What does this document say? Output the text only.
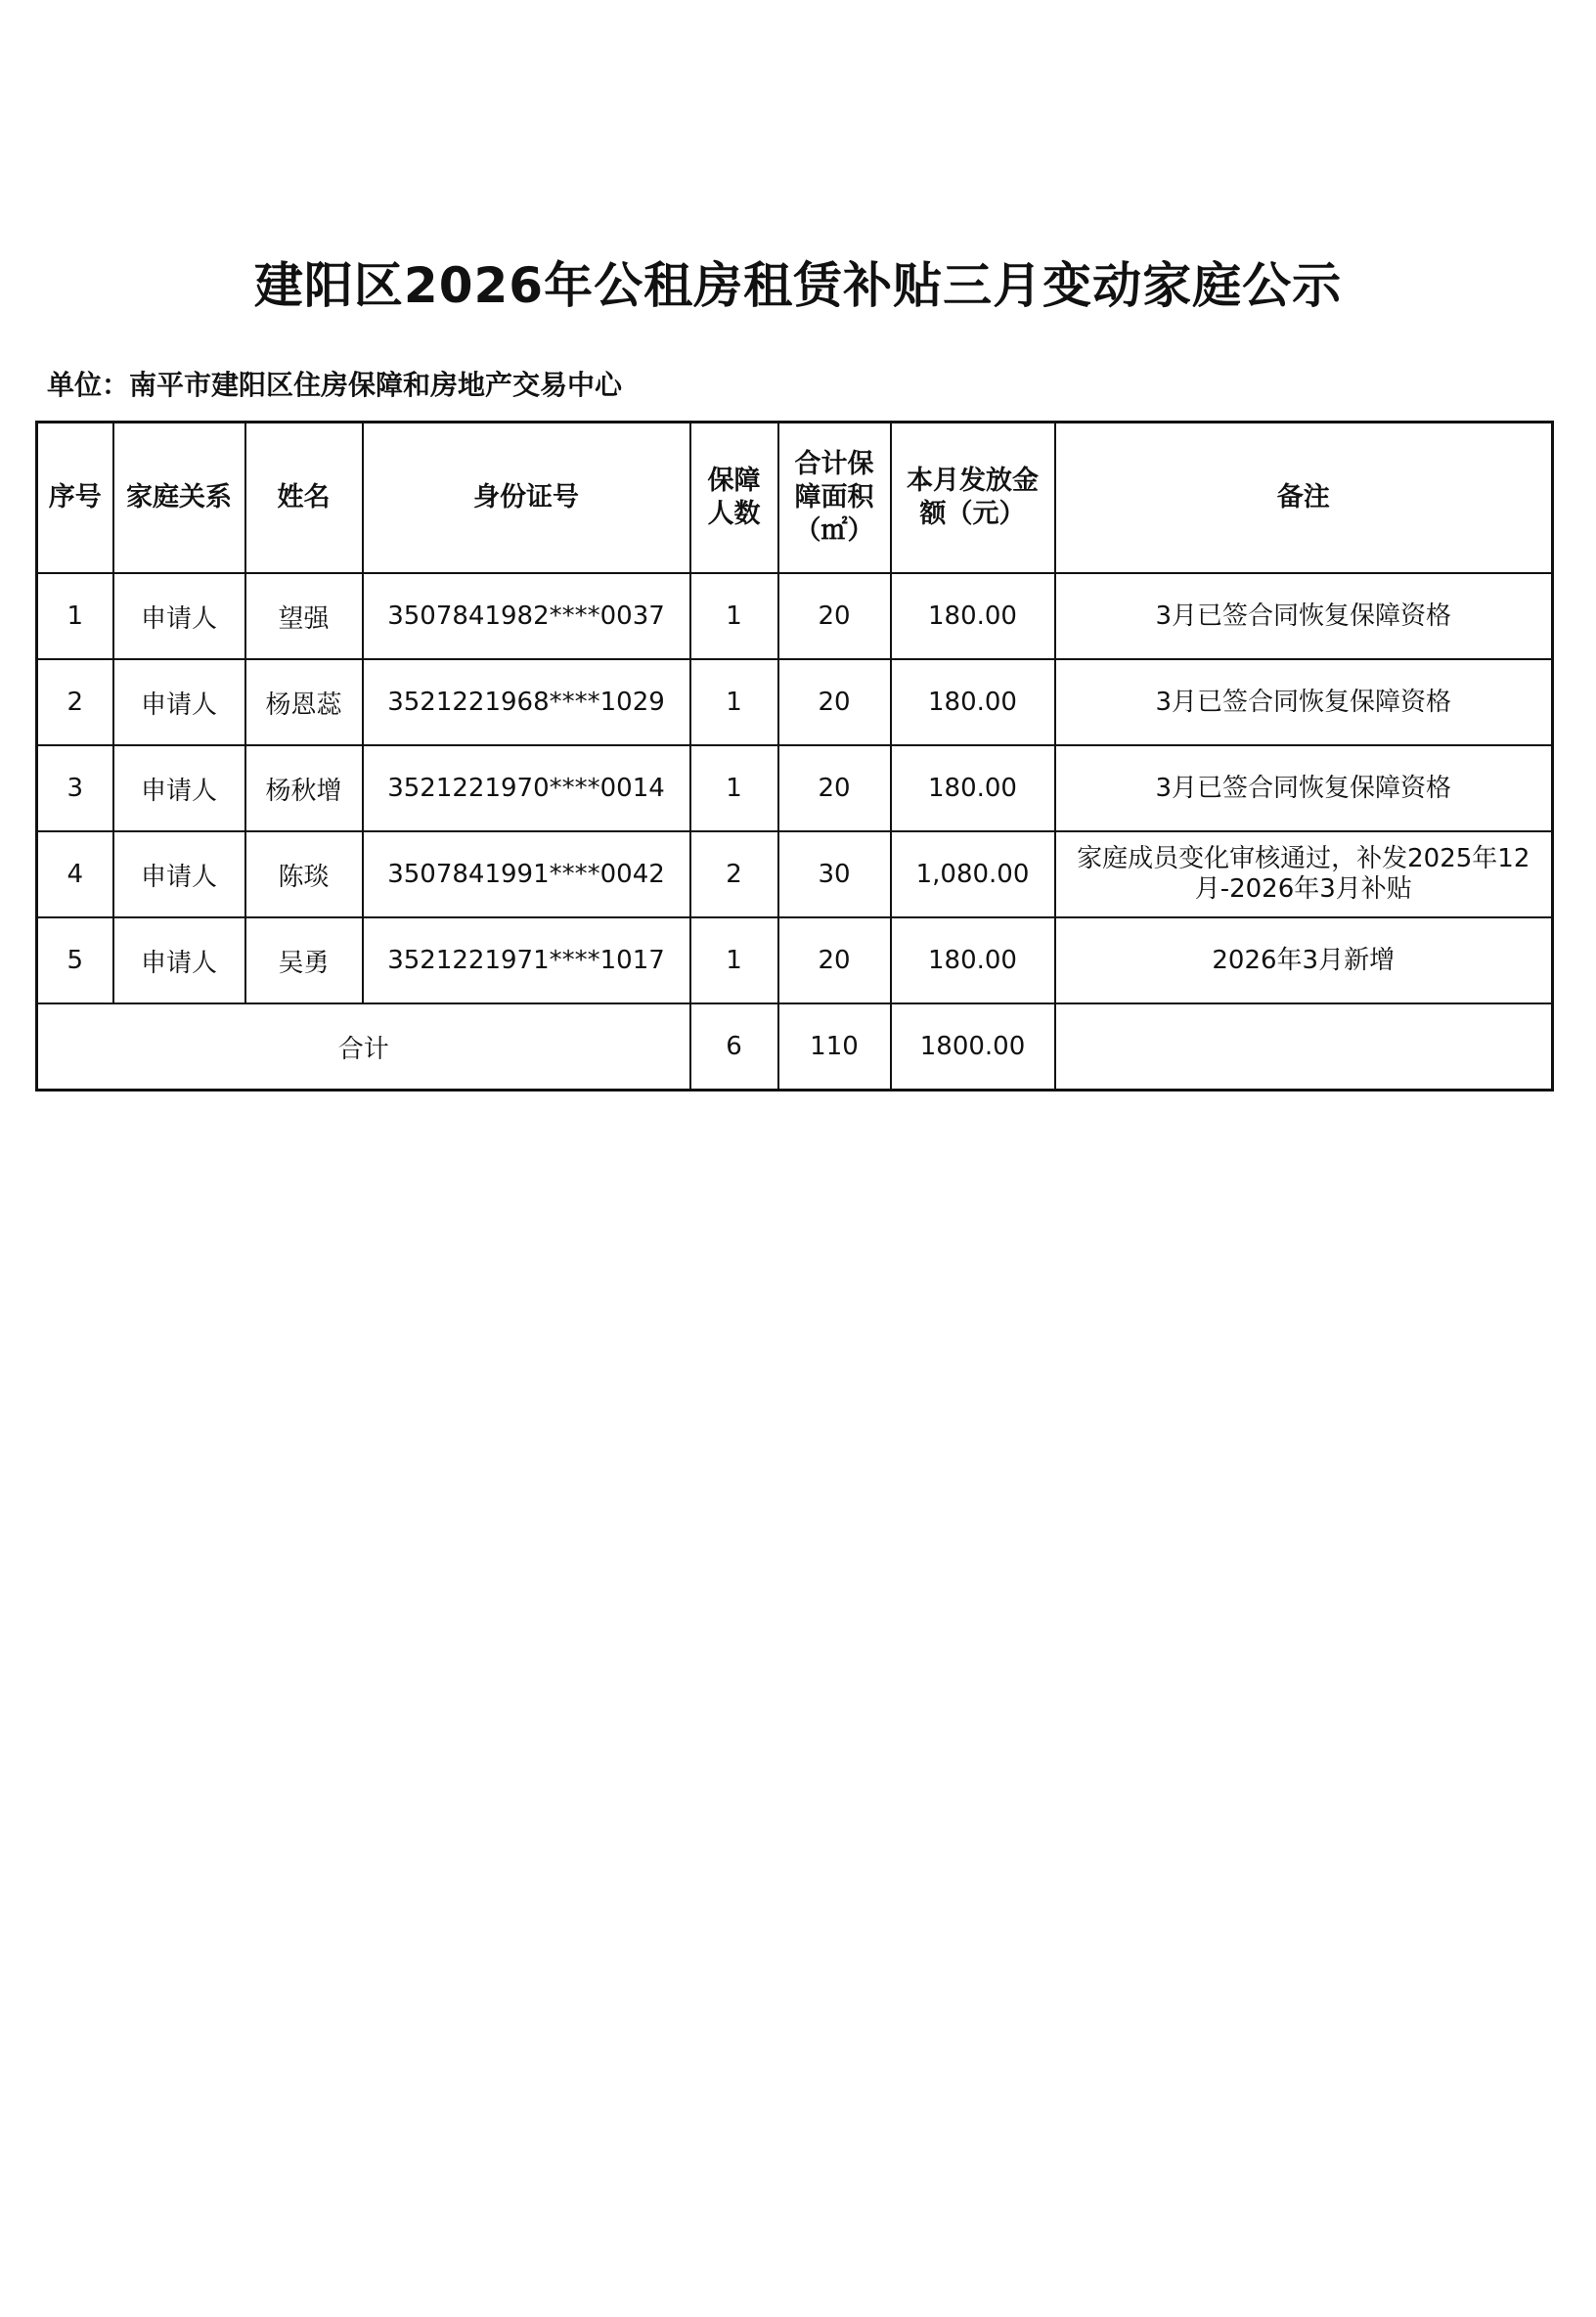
建阳区2026年公租房租赁补贴三月变动家庭公示
单位：南平市建阳区住房保障和房地产交易中心
序号	家庭关系	姓名	身份证号	保障人数	合计保障面积（㎡）	本月发放金额（元）	备注
1	申请人	望强	3507841982****0037	1	20	180.00	3月已签合同恢复保障资格
2	申请人	杨恩蕊	3521221968****1029	1	20	180.00	3月已签合同恢复保障资格
3	申请人	杨秋增	3521221970****0014	1	20	180.00	3月已签合同恢复保障资格
4	申请人	陈琰	3507841991****0042	2	30	1,080.00	家庭成员变化审核通过，补发2025年12月-2026年3月补贴
5	申请人	吴勇	3521221971****1017	1	20	180.00	2026年3月新增
合计				6	110	1800.00	
